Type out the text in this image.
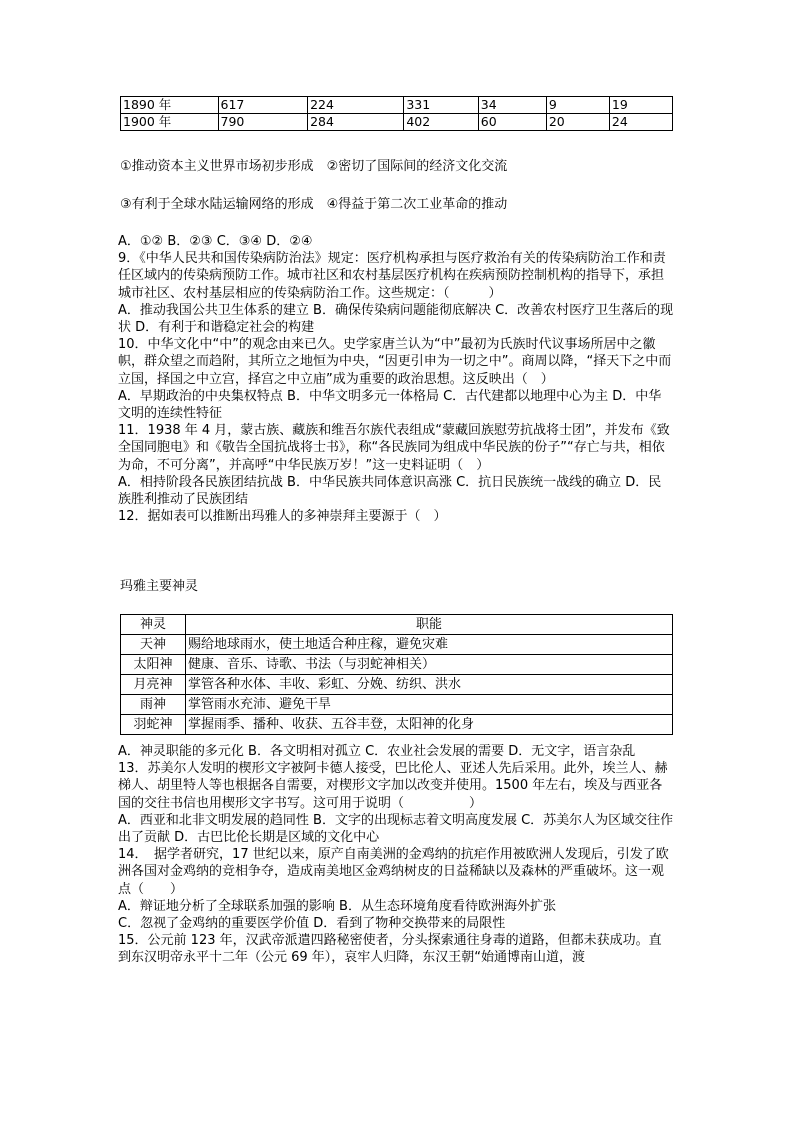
1890 年	617	224	331	34	9	19
1900 年	790	284	402	60	20	24
①推动资本主义世界市场初步形成　②密切了国际间的经济文化交流
③有利于全球水陆运输网络的形成　④得益于第二次工业革命的推动

A．①② B．②③ C．③④ D．②④

9．《中华人民共和国传染病防治法》规定：医疗机构承担与医疗救治有关的传染病防治工作和责任区域内的传染病预防工作。城市社区和农村基层医疗机构在疾病预防控制机构的指导下，承担城市社区、农村基层相应的传染病防治工作。这些规定：（　　　）

A．推动我国公共卫生体系的建立 B．确保传染病问题能彻底解决 C．改善农村医疗卫生落后的现状 D．有利于和谐稳定社会的构建

10．中华文化中“中”的观念由来已久。史学家唐兰认为“中”最初为氏族时代议事场所居中之徽帜，群众望之而趋附，其所立之地恒为中央，“因更引申为一切之中”。商周以降，“择天下之中而立国，择国之中立宫，择宫之中立庙”成为重要的政治思想。这反映出（　）

A．早期政治的中央集权特点 B．中华文明多元一体格局 C．古代建都以地理中心为主 D．中华文明的连续性特征

11．1938 年 4 月，蒙古族、藏族和维吾尔族代表组成“蒙藏回族慰劳抗战将士团”，并发布《致全国同胞电》和《敬告全国抗战将士书》，称“各民族同为组成中华民族的份子”“存亡与共，相依为命，不可分离”，并高呼“中华民族万岁！”这一史料证明（　）

A．相持阶段各民族团结抗战 B．中华民族共同体意识高涨 C．抗日民族统一战线的确立 D．民族胜利推动了民族团结

12．据如表可以推断出玛雅人的多神崇拜主要源于（　）

玛雅主要神灵
神灵	职能
天神	赐给地球雨水，使土地适合种庄稼，避免灾难
太阳神	健康、音乐、诗歌、书法（与羽蛇神相关）
月亮神	掌管各种水体、丰收、彩虹、分娩、纺织、洪水
雨神	掌管雨水充沛、避免干旱
羽蛇神	掌握雨季、播种、收获、五谷丰登，太阳神的化身

A．神灵职能的多元化 B．各文明相对孤立 C．农业社会发展的需要 D．无文字，语言杂乱

13．苏美尔人发明的楔形文字被阿卡德人接受，巴比伦人、亚述人先后采用。此外，埃兰人、赫梯人、胡里特人等也根据各自需要，对楔形文字加以改变并使用。1500 年左右，埃及与西亚各国的交往书信也用楔形文字书写。这可用于说明（　　　　　）

A．西亚和北非文明发展的趋同性 B．文字的出现标志着文明高度发展 C．苏美尔人为区域交往作出了贡献 D．古巴比伦长期是区域的文化中心

14．　据学者研究，17 世纪以来，原产自南美洲的金鸡纳的抗疟作用被欧洲人发现后，引发了欧洲各国对金鸡纳的竞相争夺，造成南美地区金鸡纳树皮的日益稀缺以及森林的严重破坏。这一观点（　　）

A．辩证地分析了全球联系加强的影响 B．从生态环境角度看待欧洲海外扩张

C．忽视了金鸡纳的重要医学价值 D．看到了物种交换带来的局限性

15．公元前 123 年，汉武帝派遣四路秘密使者，分头探索通往身毒的道路，但都未获成功。直到东汉明帝永平十二年（公元 69 年），哀牢人归降，东汉王朝“始通博南山道，渡
